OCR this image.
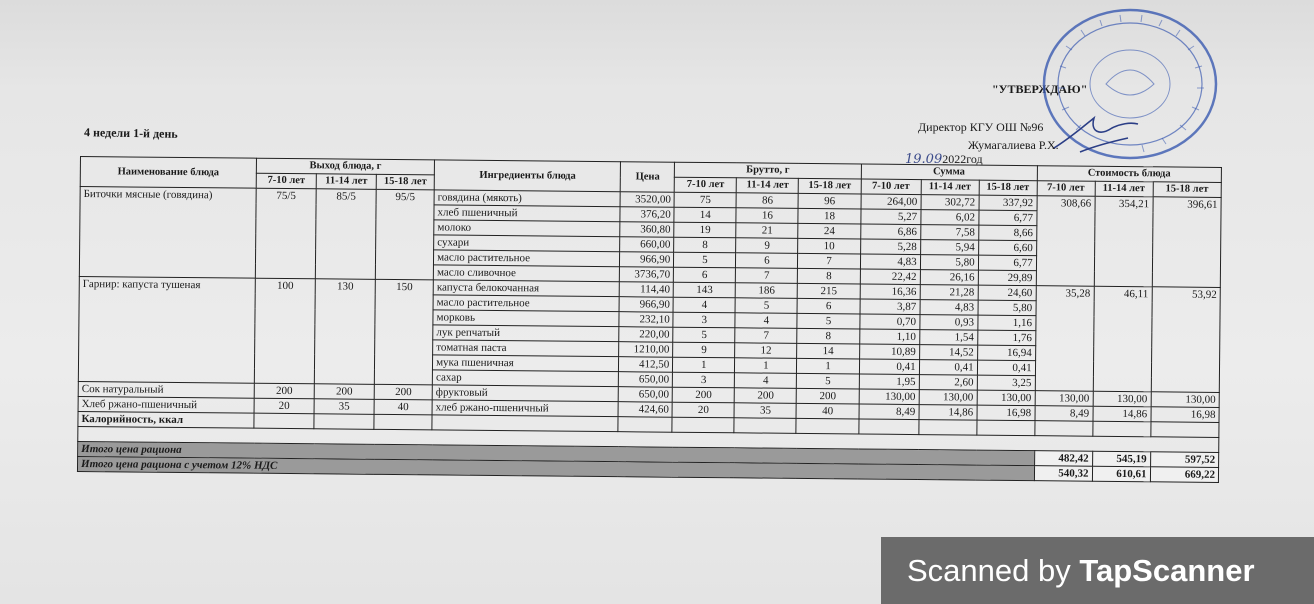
4 недели 1-й день
"УТВЕРЖДАЮ"
Директор КГУ ОШ №96
Жумагалиева Р.Х.
19.092022год
Наименование блюда	Выход блюда, г			Ингредиенты блюда	Цена	Брутто, г			Сумма			Стоимость блюда		
	7-10 лет	11-14 лет	15-18 лет			7-10 лет	11-14 лет	15-18 лет	7-10 лет	11-14 лет	15-18 лет	7-10 лет	11-14 лет	15-18 лет
Биточки мясные (говядина)	75/5	85/5	95/5	говядина (мякоть)	3520,00	75	86	96	264,00	302,72	337,92	308,66	354,21	396,61
				хлеб пшеничный	376,20	14	16	18	5,27	6,02	6,77			
				молоко	360,80	19	21	24	6,86	7,58	8,66			
				сухари	660,00	8	9	10	5,28	5,94	6,60			
				масло растительное	966,90	5	6	7	4,83	5,80	6,77			
				масло сливочное	3736,70	6	7	8	22,42	26,16	29,89			
Гарнир: капуста тушеная	100	130	150	капуста белокочанная	114,40	143	186	215	16,36	21,28	24,60	35,28	46,11	53,92
				масло растительное	966,90	4	5	6	3,87	4,83	5,80			
				морковь	232,10	3	4	5	0,70	0,93	1,16			
				лук репчатый	220,00	5	7	8	1,10	1,54	1,76			
				томатная паста	1210,00	9	12	14	10,89	14,52	16,94			
				мука пшеничная	412,50	1	1	1	0,41	0,41	0,41			
				сахар	650,00	3	4	5	1,95	2,60	3,25			
Сок натуральный	200	200	200	фруктовый	650,00	200	200	200	130,00	130,00	130,00	130,00	130,00	130,00
Хлеб ржано-пшеничный	20	35	40	хлеб ржано-пшеничный	424,60	20	35	40	8,49	14,86	16,98	8,49	14,86	16,98
Калорийность, ккал														

Итого цена рациона												482,42	545,19	597,52
Итого цена рациона с учетом 12% НДС												540,32	610,61	669,22
Scanned by TapScanner
